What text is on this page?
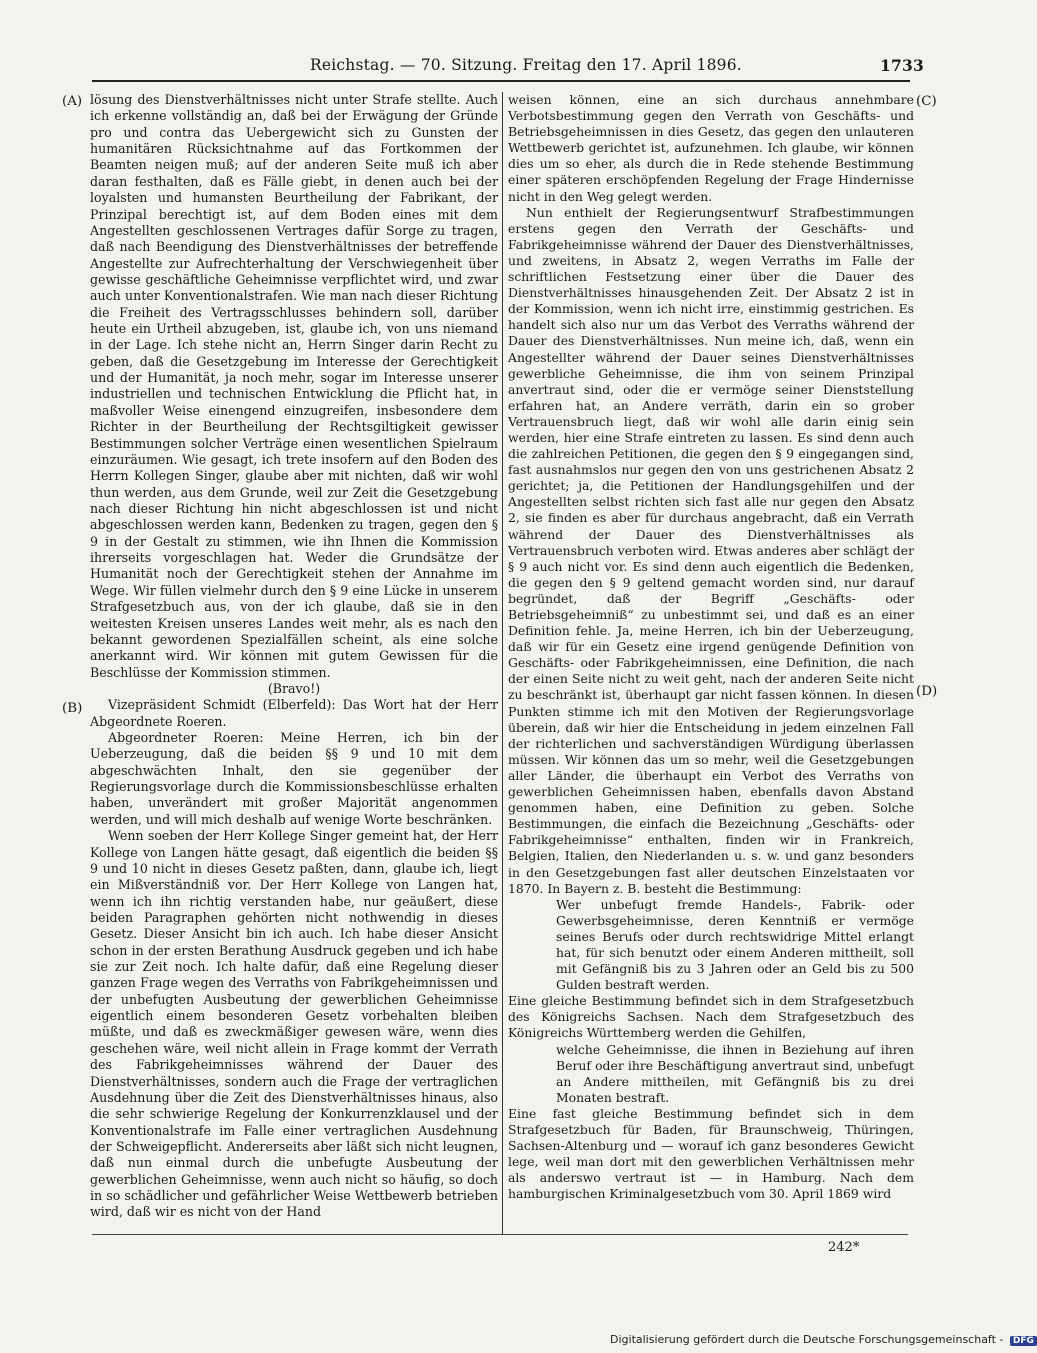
Reichstag. — 70. Sitzung. Freitag den 17. April 1896.	1733
(A)
(B)
(C)
(D)

lösung des Dienstverhältnisses nicht unter Strafe stellte. Auch ich erkenne vollständig an, daß bei der Erwägung der Gründe pro und contra das Uebergewicht sich zu Gunsten der humanitären Rücksichtnahme auf das Fortkommen der Beamten neigen muß; auf der anderen Seite muß ich aber daran festhalten, daß es Fälle giebt, in denen auch bei der loyalsten und humansten Beurtheilung der Fabrikant, der Prinzipal berechtigt ist, auf dem Boden eines mit dem Angestellten geschlossenen Vertrages dafür Sorge zu tragen, daß nach Beendigung des Dienstverhältnisses der betreffende Angestellte zur Aufrechterhaltung der Verschwiegenheit über gewisse geschäftliche Geheimnisse verpflichtet wird, und zwar auch unter Konventionalstrafen. Wie man nach dieser Richtung die Freiheit des Vertragsschlusses behindern soll, darüber heute ein Urtheil abzugeben, ist, glaube ich, von uns niemand in der Lage. Ich stehe nicht an, Herrn Singer darin Recht zu geben, daß die Gesetzgebung im Interesse der Gerechtigkeit und der Humanität, ja noch mehr, sogar im Interesse unserer industriellen und technischen Entwicklung die Pflicht hat, in maßvoller Weise einengend einzugreifen, insbesondere dem Richter in der Beurtheilung der Rechtsgiltigkeit gewisser Bestimmungen solcher Verträge einen wesentlichen Spielraum einzuräumen. Wie gesagt, ich trete insofern auf den Boden des Herrn Kollegen Singer, glaube aber mit nichten, daß wir wohl thun werden, aus dem Grunde, weil zur Zeit die Gesetzgebung nach dieser Richtung hin nicht abgeschlossen ist und nicht abgeschlossen werden kann, Bedenken zu tragen, gegen den § 9 in der Gestalt zu stimmen, wie ihn Ihnen die Kommission ihrerseits vorgeschlagen hat. Weder die Grundsätze der Humanität noch der Gerechtigkeit stehen der Annahme im Wege. Wir füllen vielmehr durch den § 9 eine Lücke in unserem Strafgesetzbuch aus, von der ich glaube, daß sie in den weitesten Kreisen unseres Landes weit mehr, als es nach den bekannt gewordenen Spezialfällen scheint, als eine solche anerkannt wird. Wir können mit gutem Gewissen für die Beschlüsse der Kommission stimmen.

(Bravo!)

Vizepräsident Schmidt (Elberfeld): Das Wort hat der Herr Abgeordnete Roeren.

Abgeordneter Roeren: Meine Herren, ich bin der Ueberzeugung, daß die beiden §§ 9 und 10 mit dem abgeschwächten Inhalt, den sie gegenüber der Regierungsvorlage durch die Kommissionsbeschlüsse erhalten haben, unverändert mit großer Majorität angenommen werden, und will mich deshalb auf wenige Worte beschränken.

Wenn soeben der Herr Kollege Singer gemeint hat, der Herr Kollege von Langen hätte gesagt, daß eigentlich die beiden §§ 9 und 10 nicht in dieses Gesetz paßten, dann, glaube ich, liegt ein Mißverständniß vor. Der Herr Kollege von Langen hat, wenn ich ihn richtig verstanden habe, nur geäußert, diese beiden Paragraphen gehörten nicht nothwendig in dieses Gesetz. Dieser Ansicht bin ich auch. Ich habe dieser Ansicht schon in der ersten Berathung Ausdruck gegeben und ich habe sie zur Zeit noch. Ich halte dafür, daß eine Regelung dieser ganzen Frage wegen des Verraths von Fabrikgeheimnissen und der unbefugten Ausbeutung der gewerblichen Geheimnisse eigentlich einem besonderen Gesetz vorbehalten bleiben müßte, und daß es zweckmäßiger gewesen wäre, wenn dies geschehen wäre, weil nicht allein in Frage kommt der Verrath des Fabrikgeheimnisses während der Dauer des Dienstverhältnisses, sondern auch die Frage der vertraglichen Ausdehnung über die Zeit des Dienstverhältnisses hinaus, also die sehr schwierige Regelung der Konkurrenzklausel und der Konventionalstrafe im Falle einer vertraglichen Ausdehnung der Schweigepflicht. Andererseits aber läßt sich nicht leugnen, daß nun einmal durch die unbefugte Ausbeutung der gewerblichen Geheimnisse, wenn auch nicht so häufig, so doch in so schädlicher und gefährlicher Weise Wettbewerb betrieben wird, daß wir es nicht von der Hand

weisen können, eine an sich durchaus annehmbare Verbotsbestimmung gegen den Verrath von Geschäfts- und Betriebsgeheimnissen in dies Gesetz, das gegen den unlauteren Wettbewerb gerichtet ist, aufzunehmen. Ich glaube, wir können dies um so eher, als durch die in Rede stehende Bestimmung einer späteren erschöpfenden Regelung der Frage Hindernisse nicht in den Weg gelegt werden.

Nun enthielt der Regierungsentwurf Strafbestimmungen erstens gegen den Verrath der Geschäfts- und Fabrikgeheimnisse während der Dauer des Dienstverhältnisses, und zweitens, in Absatz 2, wegen Verraths im Falle der schriftlichen Festsetzung einer über die Dauer des Dienstverhältnisses hinausgehenden Zeit. Der Absatz 2 ist in der Kommission, wenn ich nicht irre, einstimmig gestrichen. Es handelt sich also nur um das Verbot des Verraths während der Dauer des Dienstverhältnisses. Nun meine ich, daß, wenn ein Angestellter während der Dauer seines Dienstverhältnisses gewerbliche Geheimnisse, die ihm von seinem Prinzipal anvertraut sind, oder die er vermöge seiner Dienststellung erfahren hat, an Andere verräth, darin ein so grober Vertrauensbruch liegt, daß wir wohl alle darin einig sein werden, hier eine Strafe eintreten zu lassen. Es sind denn auch die zahlreichen Petitionen, die gegen den § 9 eingegangen sind, fast ausnahmslos nur gegen den von uns gestrichenen Absatz 2 gerichtet; ja, die Petitionen der Handlungsgehilfen und der Angestellten selbst richten sich fast alle nur gegen den Absatz 2, sie finden es aber für durchaus angebracht, daß ein Verrath während der Dauer des Dienstverhältnisses als Vertrauensbruch verboten wird. Etwas anderes aber schlägt der § 9 auch nicht vor. Es sind denn auch eigentlich die Bedenken, die gegen den § 9 geltend gemacht worden sind, nur darauf begründet, daß der Begriff „Geschäfts- oder Betriebsgeheimniß“ zu unbestimmt sei, und daß es an einer Definition fehle. Ja, meine Herren, ich bin der Ueberzeugung, daß wir für ein Gesetz eine irgend genügende Definition von Geschäfts- oder Fabrikgeheimnissen, eine Definition, die nach der einen Seite nicht zu weit geht, nach der anderen Seite nicht zu beschränkt ist, überhaupt gar nicht fassen können. In diesen Punkten stimme ich mit den Motiven der Regierungsvorlage überein, daß wir hier die Entscheidung in jedem einzelnen Fall der richterlichen und sachverständigen Würdigung überlassen müssen. Wir können das um so mehr, weil die Gesetzgebungen aller Länder, die überhaupt ein Verbot des Verraths von gewerblichen Geheimnissen haben, ebenfalls davon Abstand genommen haben, eine Definition zu geben. Solche Bestimmungen, die einfach die Bezeichnung „Geschäfts- oder Fabrikgeheimnisse“ enthalten, finden wir in Frankreich, Belgien, Italien, den Niederlanden u. s. w. und ganz besonders in den Gesetzgebungen fast aller deutschen Einzelstaaten vor 1870. In Bayern z. B. besteht die Bestimmung:

Wer unbefugt fremde Handels-, Fabrik- oder Gewerbsgeheimnisse, deren Kenntniß er vermöge seines Berufs oder durch rechtswidrige Mittel erlangt hat, für sich benutzt oder einem Anderen mittheilt, soll mit Gefängniß bis zu 3 Jahren oder an Geld bis zu 500 Gulden bestraft werden.

Eine gleiche Bestimmung befindet sich in dem Strafgesetzbuch des Königreichs Sachsen. Nach dem Strafgesetzbuch des Königreichs Württemberg werden die Gehilfen,

welche Geheimnisse, die ihnen in Beziehung auf ihren Beruf oder ihre Beschäftigung anvertraut sind, unbefugt an Andere mittheilen, mit Gefängniß bis zu drei Monaten bestraft.

Eine fast gleiche Bestimmung befindet sich in dem Strafgesetzbuch für Baden, für Braunschweig, Thüringen, Sachsen-Altenburg und — worauf ich ganz besonderes Gewicht lege, weil man dort mit den gewerblichen Verhältnissen mehr als anderswo vertraut ist — in Hamburg. Nach dem hamburgischen Kriminalgesetzbuch vom 30. April 1869 wird

242*
Digitalisierung gefördert durch die Deutsche Forschungsgemeinschaft - DFG
